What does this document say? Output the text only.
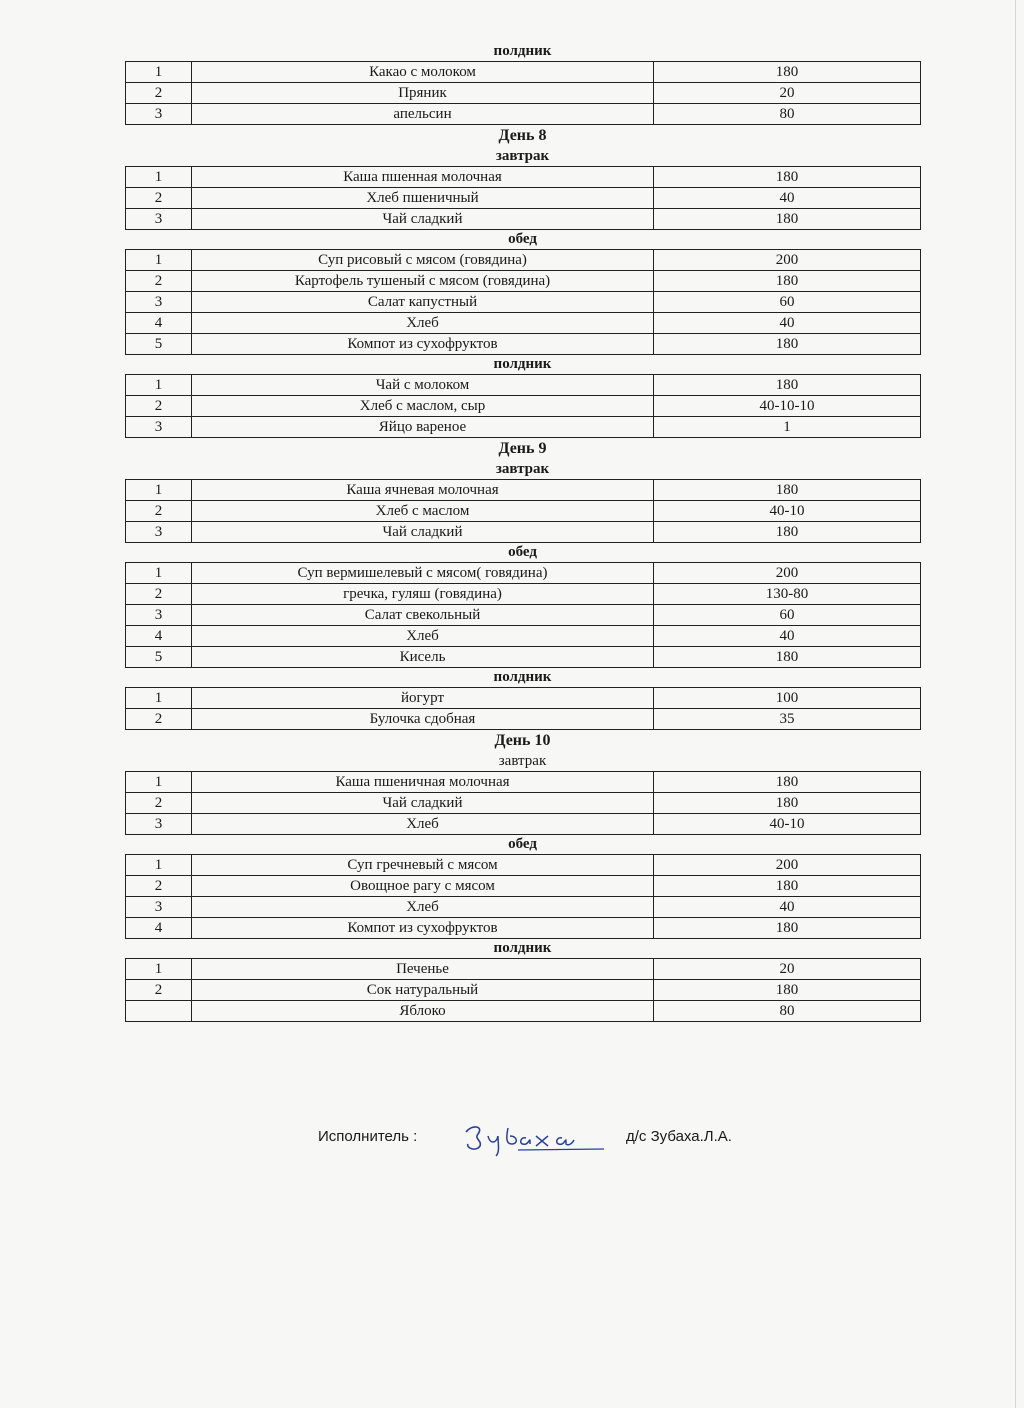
полдник
1	Какао с молоком	180
2	Пряник	20
3	апельсин	80
День 8
завтрак
1	Каша пшенная молочная	180
2	Хлеб пшеничный	40
3	Чай сладкий	180
обед
1	Суп рисовый с мясом (говядина)	200
2	Картофель тушеный с мясом (говядина)	180
3	Салат капустный	60
4	Хлеб	40
5	Компот из сухофруктов	180
полдник
1	Чай с молоком	180
2	Хлеб с маслом, сыр	40-10-10
3	Яйцо вареное	1
День 9
завтрак
1	Каша ячневая молочная	180
2	Хлеб с маслом	40-10
3	Чай сладкий	180
обед
1	Суп вермишелевый с мясом( говядина)	200
2	гречка, гуляш (говядина)	130-80
3	Салат свекольный	60
4	Хлеб	40
5	Кисель	180
полдник
1	йогурт	100
2	Булочка сдобная	35
День 10
завтрак
1	Каша пшеничная молочная	180
2	Чай сладкий	180
3	Хлеб	40-10
обед
1	Суп гречневый с мясом	200
2	Овощное рагу с мясом	180
3	Хлеб	40
4	Компот из сухофруктов	180
полдник
1	Печенье	20
2	Сок натуральный	180
	Яблоко	80
Исполнитель :	д/с Зубаха.Л.А.
